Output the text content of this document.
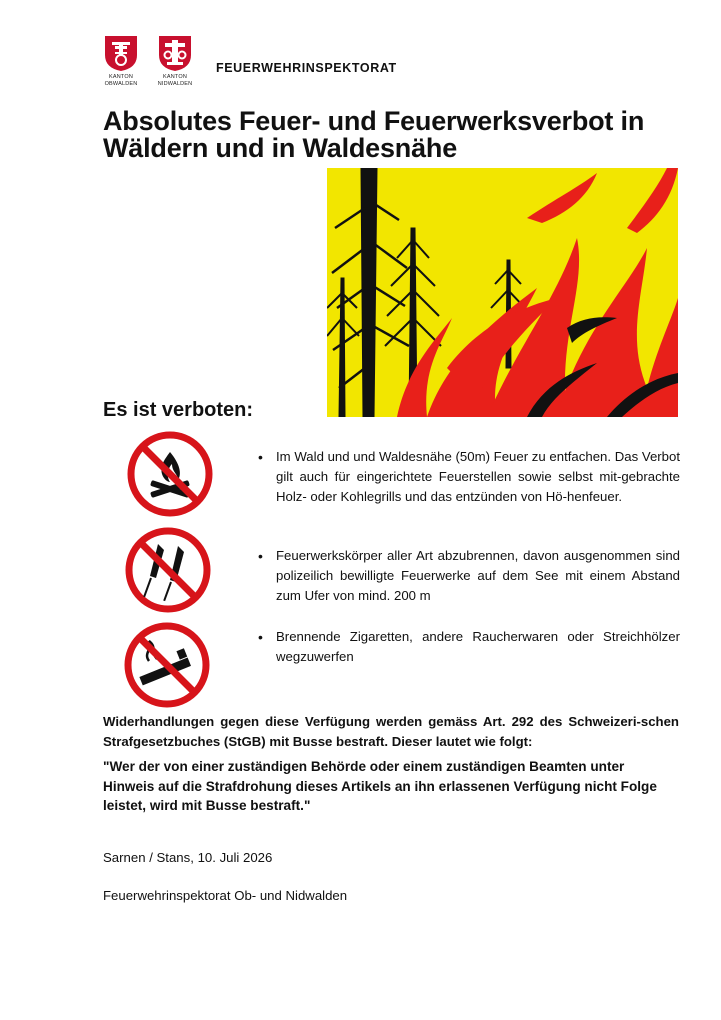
KANTON
OBWALDEN
KANTON
NIDWALDEN
FEUERWEHRINSPEKTORAT
Absolutes Feuer- und Feuerwerksverbot in Wäldern und in Waldesnähe
Es ist verboten:
• Im Wald und und Waldesnähe (50m) Feuer zu entfachen. Das Verbot gilt auch für eingerichtete Feuerstellen sowie selbst mit-gebrachte Holz- oder Kohlegrills und das entzünden von Hö-henfeuer.
• Feuerwerkskörper aller Art abzubrennen, davon ausgenommen sind polizeilich bewilligte Feuerwerke auf dem See mit einem Abstand zum Ufer von mind. 200 m
• Brennende Zigaretten, andere Raucherwaren oder Streichhölzer wegzuwerfen
Widerhandlungen gegen diese Verfügung werden gemäss Art. 292 des Schweizeri-schen Strafgesetzbuches (StGB) mit Busse bestraft. Dieser lautet wie folgt:
"Wer der von einer zuständigen Behörde oder einem zuständigen Beamten unter Hinweis auf die Strafdrohung dieses Artikels an ihn erlassenen Verfügung nicht Folge leistet, wird mit Busse bestraft."
Sarnen / Stans, 10. Juli 2026
Feuerwehrinspektorat Ob- und Nidwalden
